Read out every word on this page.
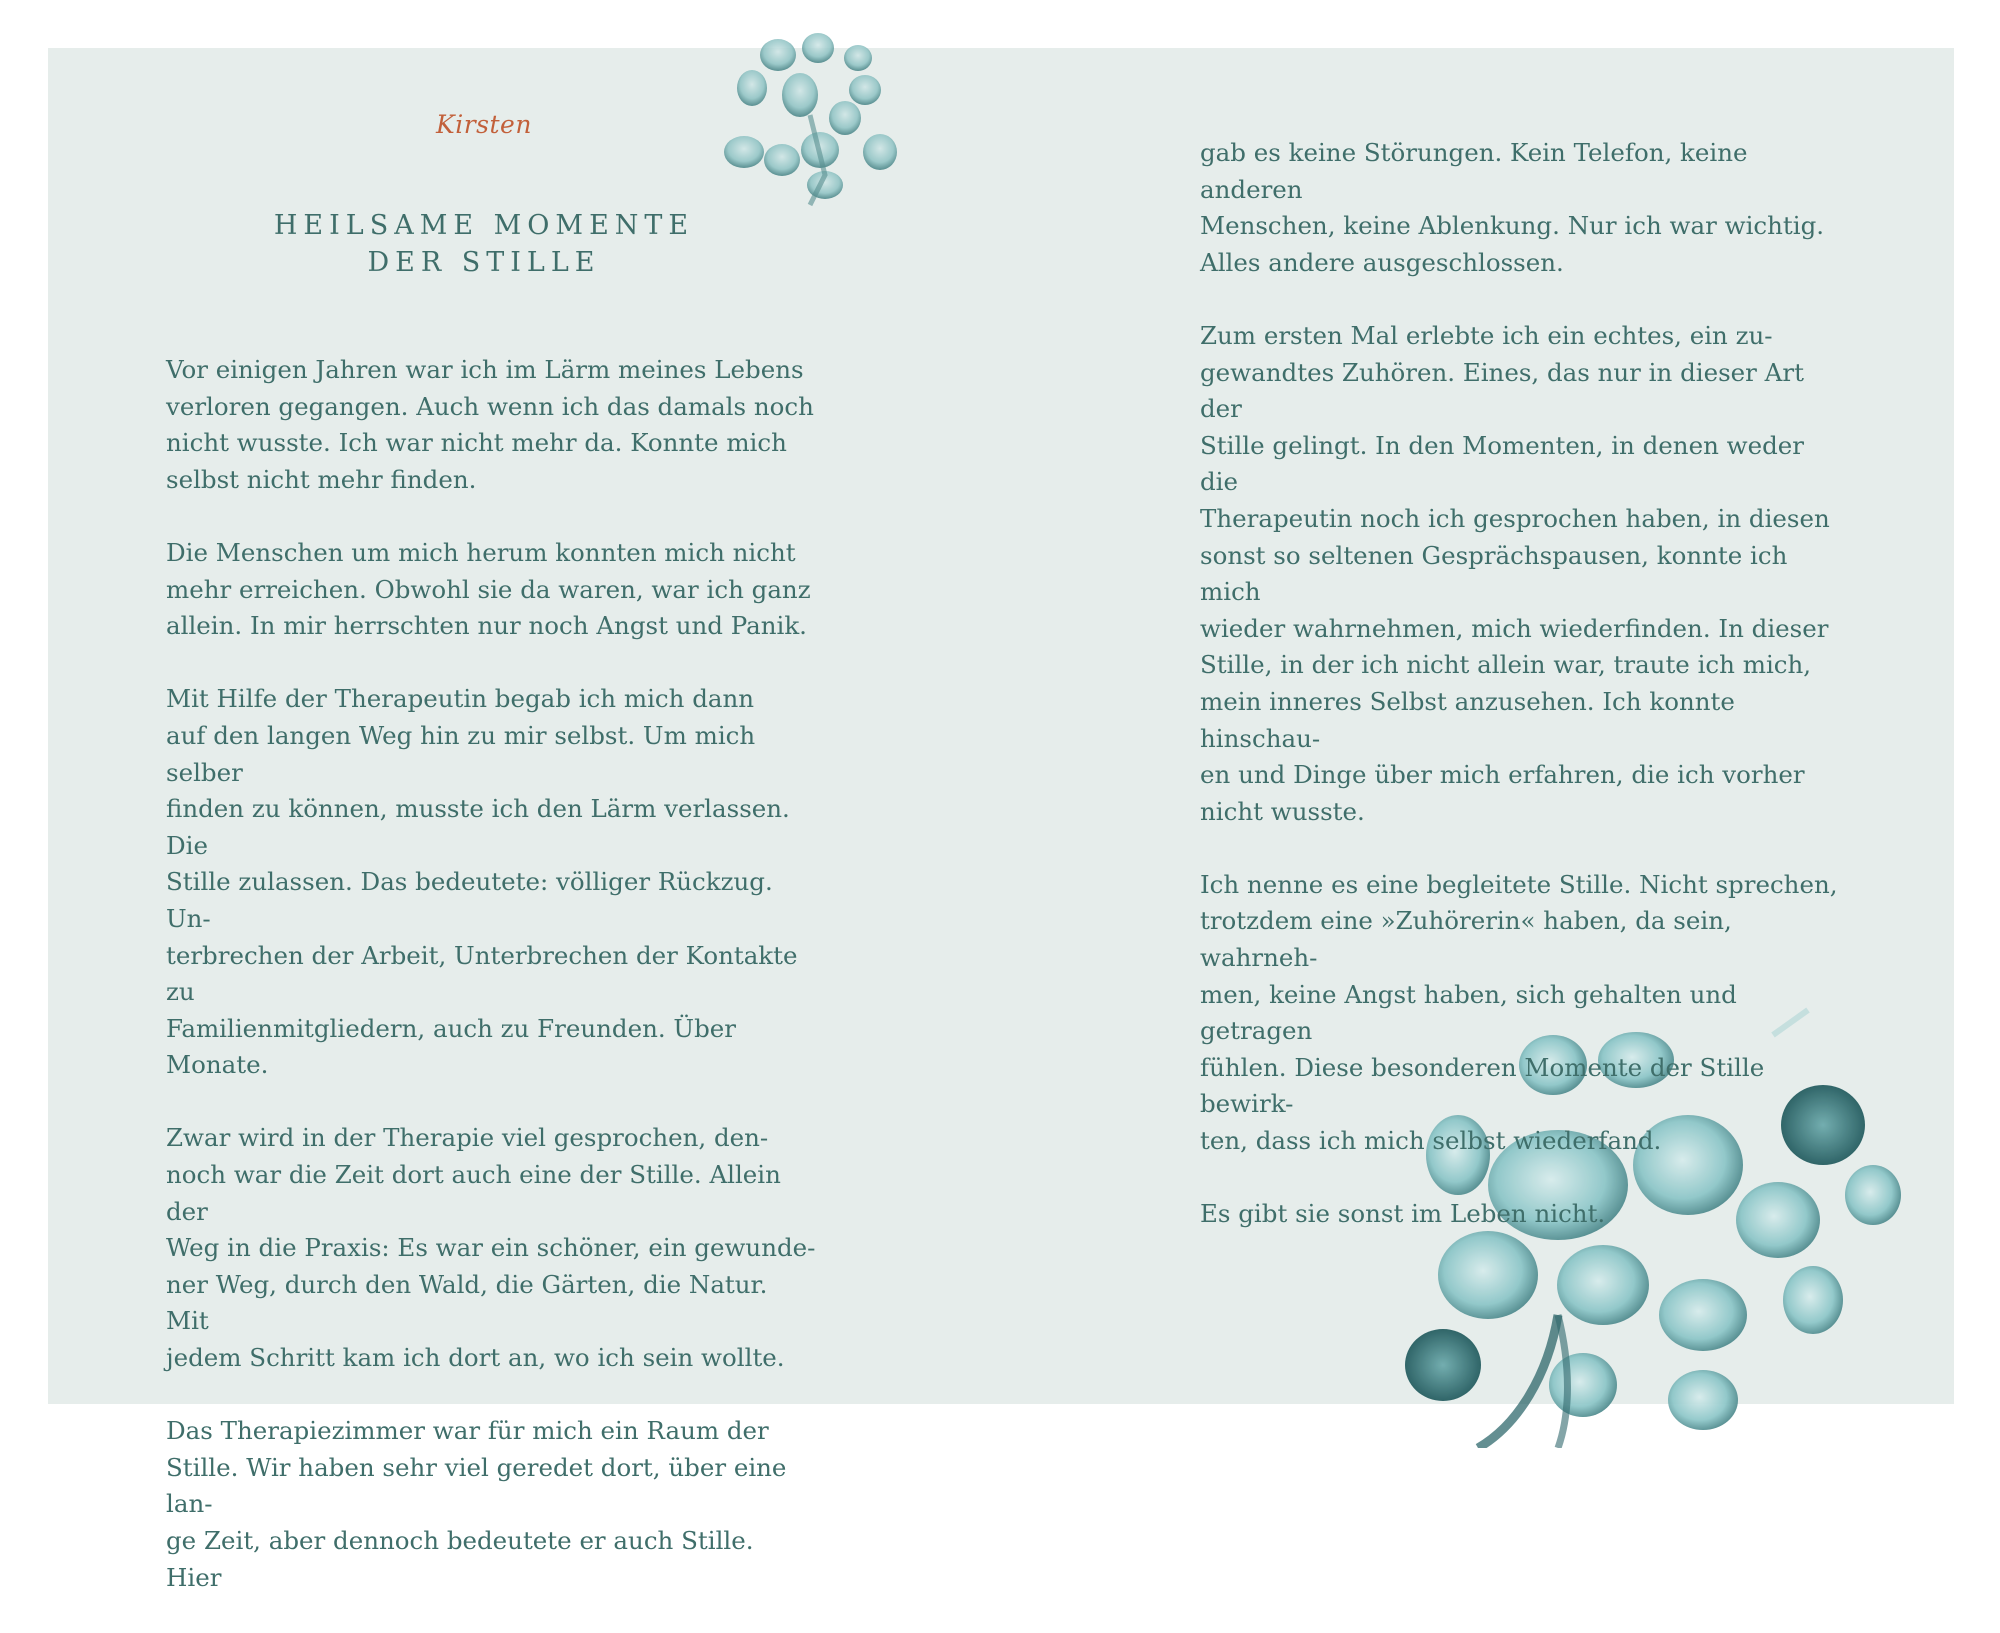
Kirsten
HEILSAME MOMENTE
DER STILLE

Vor einigen Jahren war ich im Lärm meines Lebens
verloren gegangen. Auch wenn ich das damals noch
nicht wusste. Ich war nicht mehr da. Konnte mich
selbst nicht mehr finden.

Die Menschen um mich herum konnten mich nicht
mehr erreichen. Obwohl sie da waren, war ich ganz
allein. In mir herrschten nur noch Angst und Panik.

Mit Hilfe der Therapeutin begab ich mich dann
auf den langen Weg hin zu mir selbst. Um mich selber
finden zu können, musste ich den Lärm verlassen. Die
Stille zulassen. Das bedeutete: völliger Rückzug. Un-
terbrechen der Arbeit, Unterbrechen der Kontakte zu
Familienmitgliedern, auch zu Freunden. Über Monate.

Zwar wird in der Therapie viel gesprochen, den-
noch war die Zeit dort auch eine der Stille. Allein der
Weg in die Praxis: Es war ein schöner, ein gewunde-
ner Weg, durch den Wald, die Gärten, die Natur. Mit
jedem Schritt kam ich dort an, wo ich sein wollte.

Das Therapiezimmer war für mich ein Raum der
Stille. Wir haben sehr viel geredet dort, über eine lan-
ge Zeit, aber dennoch bedeutete er auch Stille. Hier

gab es keine Störungen. Kein Telefon, keine anderen
Menschen, keine Ablenkung. Nur ich war wichtig.
Alles andere ausgeschlossen.

Zum ersten Mal erlebte ich ein echtes, ein zu-
gewandtes Zuhören. Eines, das nur in dieser Art der
Stille gelingt. In den Momenten, in denen weder die
Therapeutin noch ich gesprochen haben, in diesen
sonst so seltenen Gesprächspausen, konnte ich mich
wieder wahrnehmen, mich wiederfinden. In dieser
Stille, in der ich nicht allein war, traute ich mich,
mein inneres Selbst anzusehen. Ich konnte hinschau-
en und Dinge über mich erfahren, die ich vorher
nicht wusste.

Ich nenne es eine begleitete Stille. Nicht sprechen,
trotzdem eine »Zuhörerin« haben, da sein, wahrneh-
men, keine Angst haben, sich gehalten und getragen
fühlen. Diese besonderen Momente der Stille bewirk-
ten, dass ich mich selbst wiederfand.

Es gibt sie sonst im Leben nicht.
